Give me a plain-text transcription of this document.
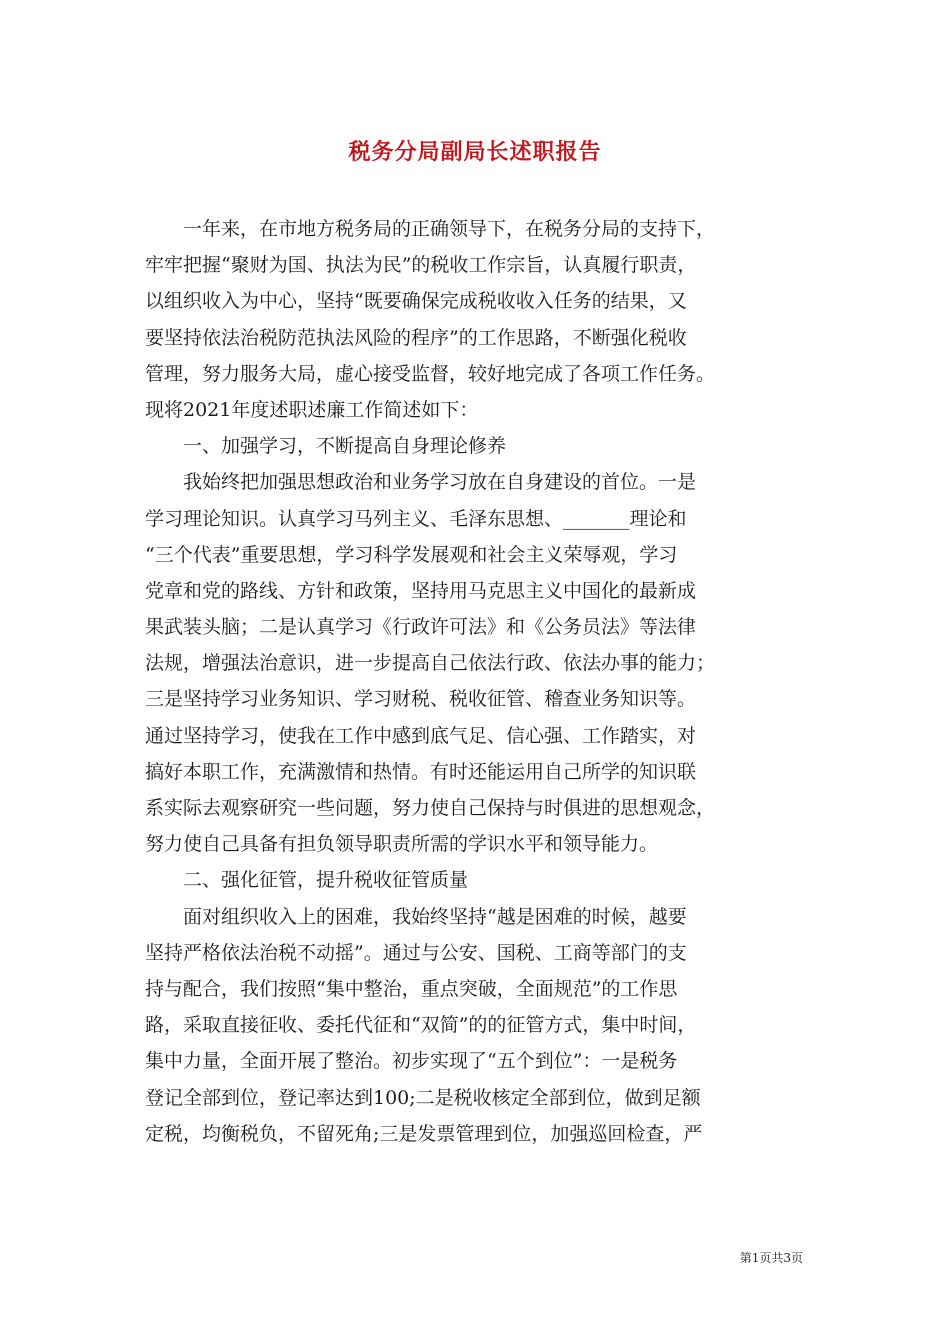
税务分局副局长述职报告
一年来，在市地方税务局的正确领导下，在税务分局的支持下，
牢牢把握“聚财为国、执法为民”的税收工作宗旨，认真履行职责，
以组织收入为中心，坚持“既要确保完成税收收入任务的结果，又
要坚持依法治税防范执法风险的程序”的工作思路，不断强化税收
管理，努力服务大局，虚心接受监督，较好地完成了各项工作任务。
现将2021年度述职述廉工作简述如下：
一、加强学习，不断提高自身理论修养
我始终把加强思想政治和业务学习放在自身建设的首位。一是
学习理论知识。认真学习马列主义、毛泽东思想、_______理论和
“三个代表”重要思想，学习科学发展观和社会主义荣辱观，学习
党章和党的路线、方针和政策，坚持用马克思主义中国化的最新成
果武装头脑；二是认真学习《行政许可法》和《公务员法》等法律
法规，增强法治意识，进一步提高自己依法行政、依法办事的能力；
三是坚持学习业务知识、学习财税、税收征管、稽查业务知识等。
通过坚持学习，使我在工作中感到底气足、信心强、工作踏实，对
搞好本职工作，充满激情和热情。有时还能运用自己所学的知识联
系实际去观察研究一些问题，努力使自己保持与时俱进的思想观念，
努力使自己具备有担负领导职责所需的学识水平和领导能力。
二、强化征管，提升税收征管质量
面对组织收入上的困难，我始终坚持“越是困难的时候，越要
坚持严格依法治税不动摇”。通过与公安、国税、工商等部门的支
持与配合，我们按照“集中整治，重点突破，全面规范”的工作思
路，采取直接征收、委托代征和“双简”的的征管方式，集中时间，
集中力量，全面开展了整治。初步实现了“五个到位”：一是税务
登记全部到位，登记率达到100;二是税收核定全部到位，做到足额
定税，均衡税负，不留死角;三是发票管理到位，加强巡回检查，严
第1页共3页
